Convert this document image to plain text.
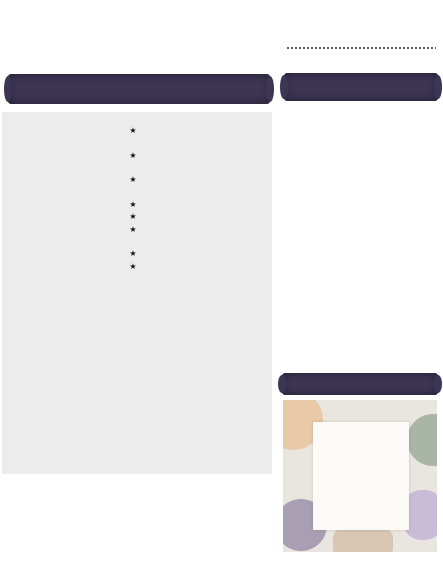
★
★
★
★
★
★
★
★
